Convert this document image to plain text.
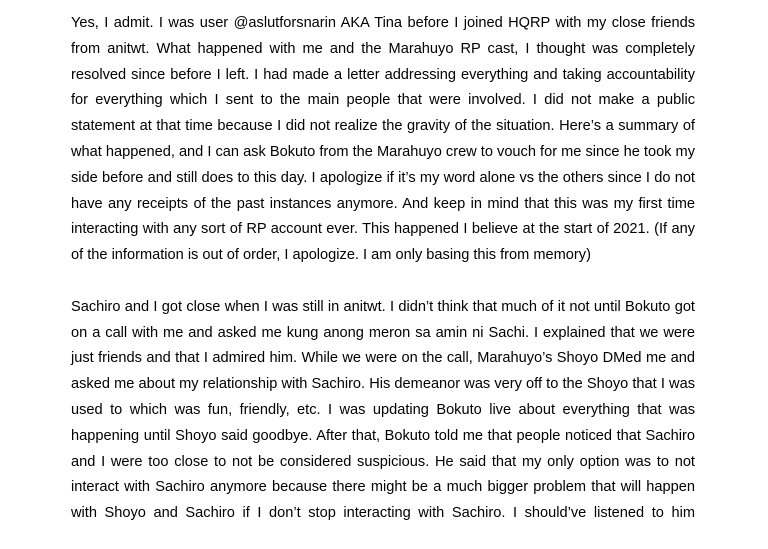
Yes, I admit. I was user @aslutforsnarin AKA Tina before I joined HQRP with my close friends from anitwt. What happened with me and the Marahuyo RP cast, I thought was completely resolved since before I left. I had made a letter addressing everything and taking accountability for everything which I sent to the main people that were involved. I did not make a public statement at that time because I did not realize the gravity of the situation. Here’s a summary of what happened, and I can ask Bokuto from the Marahuyo crew to vouch for me since he took my side before and still does to this day. I apologize if it’s my word alone vs the others since I do not have any receipts of the past instances anymore. And keep in mind that this was my first time interacting with any sort of RP account ever. This happened I believe at the start of 2021. (If any of the information is out of order, I apologize. I am only basing this from memory)

Sachiro and I got close when I was still in anitwt. I didn’t think that much of it not until Bokuto got on a call with me and asked me kung anong meron sa amin ni Sachi. I explained that we were just friends and that I admired him. While we were on the call, Marahuyo’s Shoyo DMed me and asked me about my relationship with Sachiro. His demeanor was very off to the Shoyo that I was used to which was fun, friendly, etc. I was updating Bokuto live about everything that was happening until Shoyo said goodbye. After that, Bokuto told me that people noticed that Sachiro and I were too close to not be considered suspicious. He said that my only option was to not interact with Sachiro anymore because there might be a much bigger problem that will happen with Shoyo and Sachiro if I don’t stop interacting with Sachiro. I should’ve listened to him
